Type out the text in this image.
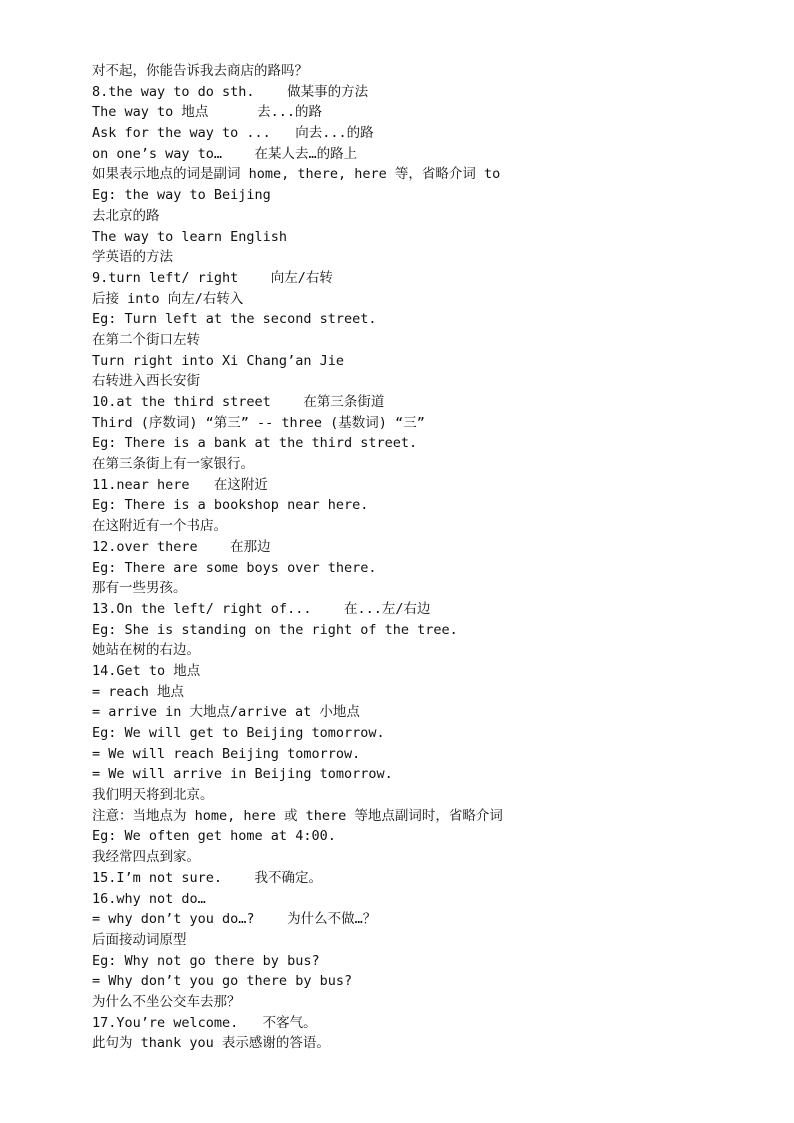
对不起，你能告诉我去商店的路吗？
8.the way to do sth.    做某事的方法
The way to 地点      去...的路
Ask for the way to ...   向去...的路
on one’s way to…    在某人去…的路上
如果表示地点的词是副词 home, there, here 等，省略介词 to
Eg: the way to Beijing
去北京的路
The way to learn English
学英语的方法
9.turn left/ right    向左/右转
后接 into 向左/右转入
Eg: Turn left at the second street.
在第二个街口左转
Turn right into Xi Chang’an Jie
右转进入西长安街
10.at the third street    在第三条街道
Third (序数词) “第三” -- three (基数词) “三”
Eg: There is a bank at the third street.
在第三条街上有一家银行。
11.near here   在这附近
Eg: There is a bookshop near here.
在这附近有一个书店。
12.over there    在那边
Eg: There are some boys over there.
那有一些男孩。
13.On the left/ right of...    在...左/右边
Eg: She is standing on the right of the tree.
她站在树的右边。
14.Get to 地点
= reach 地点
= arrive in 大地点/arrive at 小地点
Eg: We will get to Beijing tomorrow.
= We will reach Beijing tomorrow.
= We will arrive in Beijing tomorrow.
我们明天将到北京。
注意：当地点为 home, here 或 there 等地点副词时，省略介词
Eg: We often get home at 4:00.
我经常四点到家。
15.I’m not sure.    我不确定。
16.why not do…
= why don’t you do…?    为什么不做…？
后面接动词原型
Eg: Why not go there by bus?
= Why don’t you go there by bus?
为什么不坐公交车去那？
17.You’re welcome.   不客气。
此句为 thank you 表示感谢的答语。
